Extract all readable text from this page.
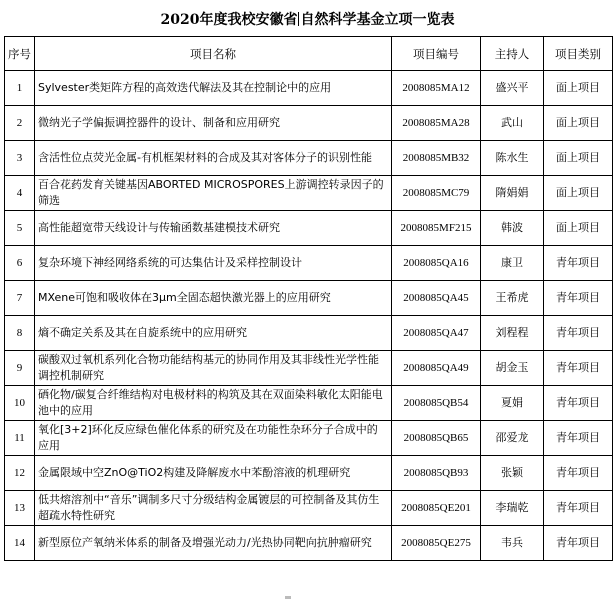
2020年度我校安徽省 自然科学基金立项一览表
序号	项目名称	项目编号	主持人	项目类别
1	Sylvester类矩阵方程的高效迭代解法及其在控制论中的应用	2008085MA12	盛兴平	面上项目
2	微纳光子学偏振调控器件的设计、制备和应用研究	2008085MA28	武山	面上项目
3	含活性位点荧光金属-有机框架材料的合成及其对客体分子的识别性能	2008085MB32	陈水生	面上项目
4	百合花药发育关键基因ABORTED MICROSPORES上游调控转录因子的筛选	2008085MC79	隋娟娟	面上项目
5	高性能超宽带天线设计与传输函数基建模技术研究	2008085MF215	韩波	面上项目
6	复杂环境下神经网络系统的可达集估计及采样控制设计	2008085QA16	康卫	青年项目
7	MXene可饱和吸收体在3μm全固态超快激光器上的应用研究	2008085QA45	王希虎	青年项目
8	熵不确定关系及其在自旋系统中的应用研究	2008085QA47	刘程程	青年项目
9	碳酸双过氧机系列化合物功能结构基元的协同作用及其非线性光学性能调控机制研究	2008085QA49	胡金玉	青年项目
10	硒化物/碳复合纤维结构对电极材料的构筑及其在双面染料敏化太阳能电池中的应用	2008085QB54	夏娟	青年项目
11	氧化[3+2]环化反应绿色催化体系的研究及在功能性杂环分子合成中的应用	2008085QB65	邵爱龙	青年项目
12	金属限域中空ZnO@TiO2构建及降解废水中苯酚溶液的机理研究	2008085QB93	张颖	青年项目
13	低共熔溶剂中“音乐”调制多尺寸分级结构金属镀层的可控制备及其仿生超疏水特性研究	2008085QE201	李瑞乾	青年项目
14	新型原位产氧纳米体系的制备及增强光动力/光热协同靶向抗肿瘤研究	2008085QE275	韦兵	青年项目
